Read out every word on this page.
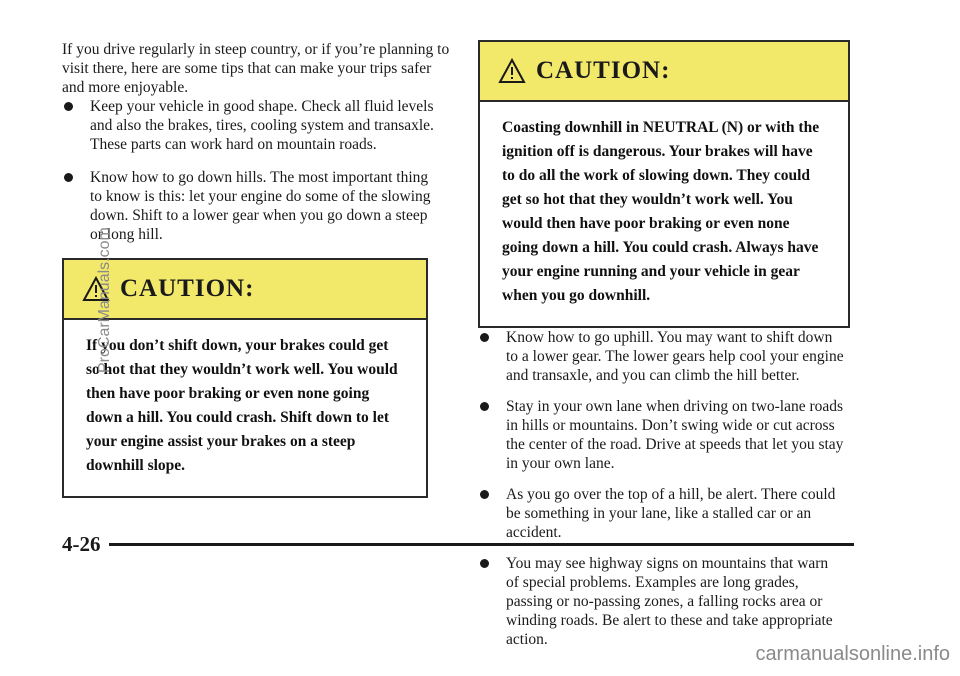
If you drive regularly in steep country, or if you’re planning to visit there, here are some tips that can make your trips safer and more enjoyable.

Keep your vehicle in good shape. Check all fluid levels and also the brakes, tires, cooling system and transaxle. These parts can work hard on mountain roads.
Know how to go down hills. The most important thing to know is this: let your engine do some of the slowing down. Shift to a lower gear when you go down a steep or long hill.
CAUTION:
If you don’t shift down, your brakes could get so hot that they wouldn’t work well. You would then have poor braking or even none going down a hill. You could crash. Shift down to let your engine assist your brakes on a steep downhill slope.
CAUTION:
Coasting downhill in NEUTRAL (N) or with the ignition off is dangerous. Your brakes will have to do all the work of slowing down. They could get so hot that they wouldn’t work well. You would then have poor braking or even none going down a hill. You could crash. Always have your engine running and your vehicle in gear when you go downhill.
Know how to go uphill. You may want to shift down to a lower gear. The lower gears help cool your engine and transaxle, and you can climb the hill better.
Stay in your own lane when driving on two-lane roads in hills or mountains. Don’t swing wide or cut across the center of the road. Drive at speeds that let you stay in your own lane.
As you go over the top of a hill, be alert. There could be something in your lane, like a stalled car or an accident.
You may see highway signs on mountains that warn of special problems. Examples are long grades, passing or no-passing zones, a falling rocks area or winding roads. Be alert to these and take appropriate action.
4-26
ProCarManuals.com
carmanualsonline.info
